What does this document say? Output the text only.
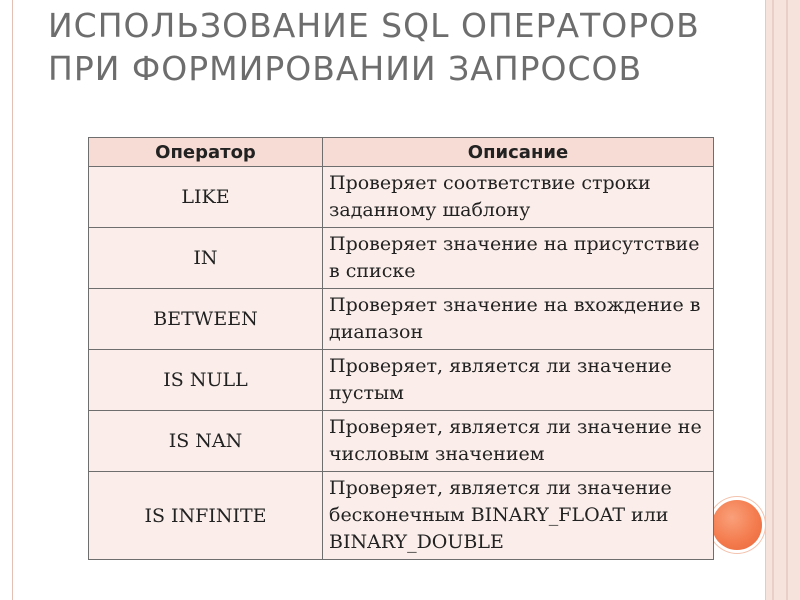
ИСПОЛЬЗОВАНИЕ SQL ОПЕРАТОРОВ ПРИ ФОРМИРОВАНИИ ЗАПРОСОВ
Оператор	Описание
LIKE	Проверяет соответствие строки заданному шаблону
IN	Проверяет значение на присутствие в списке
BETWEEN	Проверяет значение на вхождение в диапазон
IS NULL	Проверяет, является ли значение пустым
IS NAN	Проверяет, является ли значение не числовым значением
IS INFINITE	Проверяет, является ли значение бесконечным BINARY_FLOAT или BINARY_DOUBLE
